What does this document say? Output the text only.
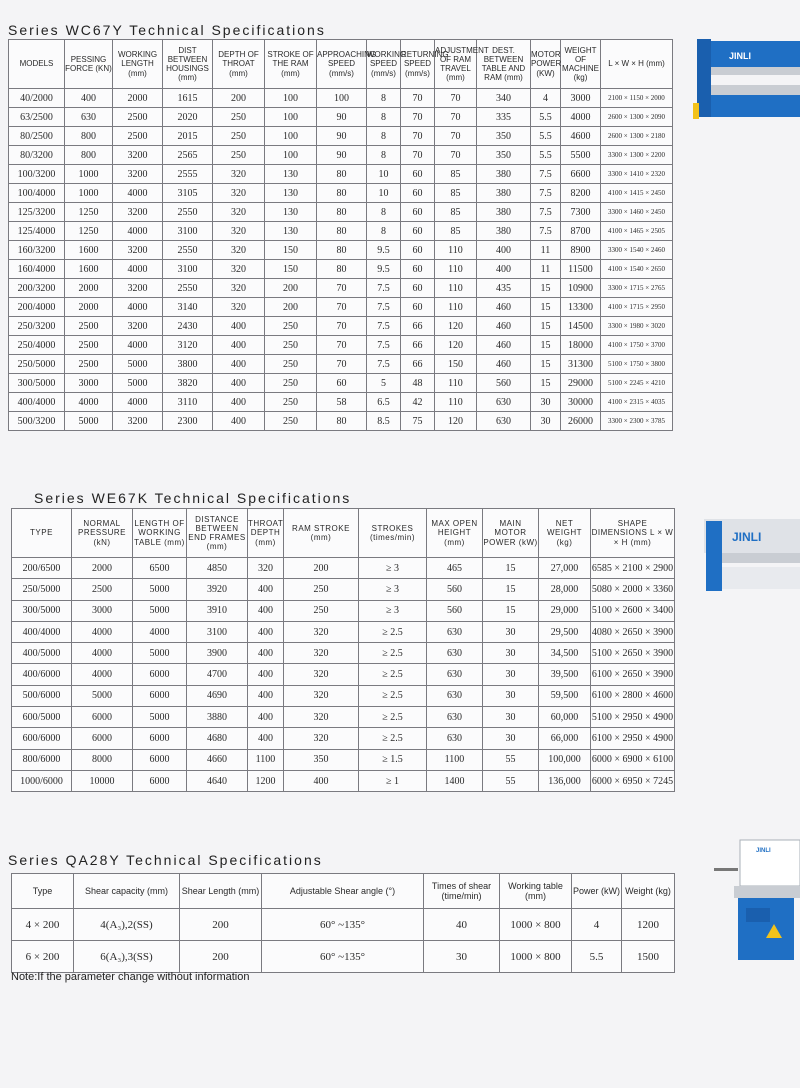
Series WC67Y Technical Specifications
MODELS	PESSING FORCE (KN)	WORKING LENGTH (mm)	DIST BETWEEN HOUSINGS (mm)	DEPTH OF THROAT (mm)	STROKE OF THE RAM (mm)	APPROACHING SPEED (mm/s)	WORKING SPEED (mm/s)	RETURNING SPEED (mm/s)	ADJUSTMENT OF RAM TRAVEL (mm)	DEST. BETWEEN TABLE AND RAM (mm)	MOTOR POWER (KW)	WEIGHT OF MACHINE (kg)	L × W × H (mm)
40/2000	400	2000	1615	200	100	100	8	70	70	340	4	3000	2100 × 1150 × 2000
63/2500	630	2500	2020	250	100	90	8	70	70	335	5.5	4000	2600 × 1300 × 2090
80/2500	800	2500	2015	250	100	90	8	70	70	350	5.5	4600	2600 × 1300 × 2180
80/3200	800	3200	2565	250	100	90	8	70	70	350	5.5	5500	3300 × 1300 × 2200
100/3200	1000	3200	2555	320	130	80	10	60	85	380	7.5	6600	3300 × 1410 × 2320
100/4000	1000	4000	3105	320	130	80	10	60	85	380	7.5	8200	4100 × 1415 × 2450
125/3200	1250	3200	2550	320	130	80	8	60	85	380	7.5	7300	3300 × 1460 × 2450
125/4000	1250	4000	3100	320	130	80	8	60	85	380	7.5	8700	4100 × 1465 × 2505
160/3200	1600	3200	2550	320	150	80	9.5	60	110	400	11	8900	3300 × 1540 × 2460
160/4000	1600	4000	3100	320	150	80	9.5	60	110	400	11	11500	4100 × 1540 × 2650
200/3200	2000	3200	2550	320	200	70	7.5	60	110	435	15	10900	3300 × 1715 × 2765
200/4000	2000	4000	3140	320	200	70	7.5	60	110	460	15	13300	4100 × 1715 × 2950
250/3200	2500	3200	2430	400	250	70	7.5	66	120	460	15	14500	3300 × 1980 × 3020
250/4000	2500	4000	3120	400	250	70	7.5	66	120	460	15	18000	4100 × 1750 × 3700
250/5000	2500	5000	3800	400	250	70	7.5	66	150	460	15	31300	5100 × 1750 × 3800
300/5000	3000	5000	3820	400	250	60	5	48	110	560	15	29000	5100 × 2245 × 4210
400/4000	4000	4000	3110	400	250	58	6.5	42	110	630	30	30000	4100 × 2315 × 4035
500/3200	5000	3200	2300	400	250	80	8.5	75	120	630	30	26000	3300 × 2300 × 3785
Series WE67K Technical Specifications
TYPE	NORMAL PRESSURE (kN)	LENGTH OF WORKING TABLE (mm)	DISTANCE BETWEEN END FRAMES (mm)	THROAT DEPTH (mm)	RAM STROKE (mm)	STROKES (times/min)	MAX OPEN HEIGHT (mm)	MAIN MOTOR POWER (kW)	NET WEIGHT (kg)	SHAPE DIMENSIONS L × W × H (mm)
200/6500	2000	6500	4850	320	200	≥ 3	465	15	27,000	6585 × 2100 × 2900
250/5000	2500	5000	3920	400	250	≥ 3	560	15	28,000	5080 × 2000 × 3360
300/5000	3000	5000	3910	400	250	≥ 3	560	15	29,000	5100 × 2600 × 3400
400/4000	4000	4000	3100	400	320	≥ 2.5	630	30	29,500	4080 × 2650 × 3900
400/5000	4000	5000	3900	400	320	≥ 2.5	630	30	34,500	5100 × 2650 × 3900
400/6000	4000	6000	4700	400	320	≥ 2.5	630	30	39,500	6100 × 2650 × 3900
500/6000	5000	6000	4690	400	320	≥ 2.5	630	30	59,500	6100 × 2800 × 4600
600/5000	6000	5000	3880	400	320	≥ 2.5	630	30	60,000	5100 × 2950 × 4900
600/6000	6000	6000	4680	400	320	≥ 2.5	630	30	66,000	6100 × 2950 × 4900
800/6000	8000	6000	4660	1100	350	≥ 1.5	1100	55	100,000	6000 × 6900 × 6100
1000/6000	10000	6000	4640	1200	400	≥ 1	1400	55	136,000	6000 × 6950 × 7245
Series QA28Y Technical Specifications
Type	Shear capacity (mm)	Shear Length (mm)	Adjustable Shear angle (°)	Times of shear (time/min)	Working table (mm)	Power (kW)	Weight (kg)
4 × 200	4(A₃),2(SS)	200	60° ~135°	40	1000 × 800	4	1200
6 × 200	6(A₃),3(SS)	200	60° ~135°	30	1000 × 800	5.5	1500
Note:If the parameter change without information
JINLI
JINLI
JINLI
